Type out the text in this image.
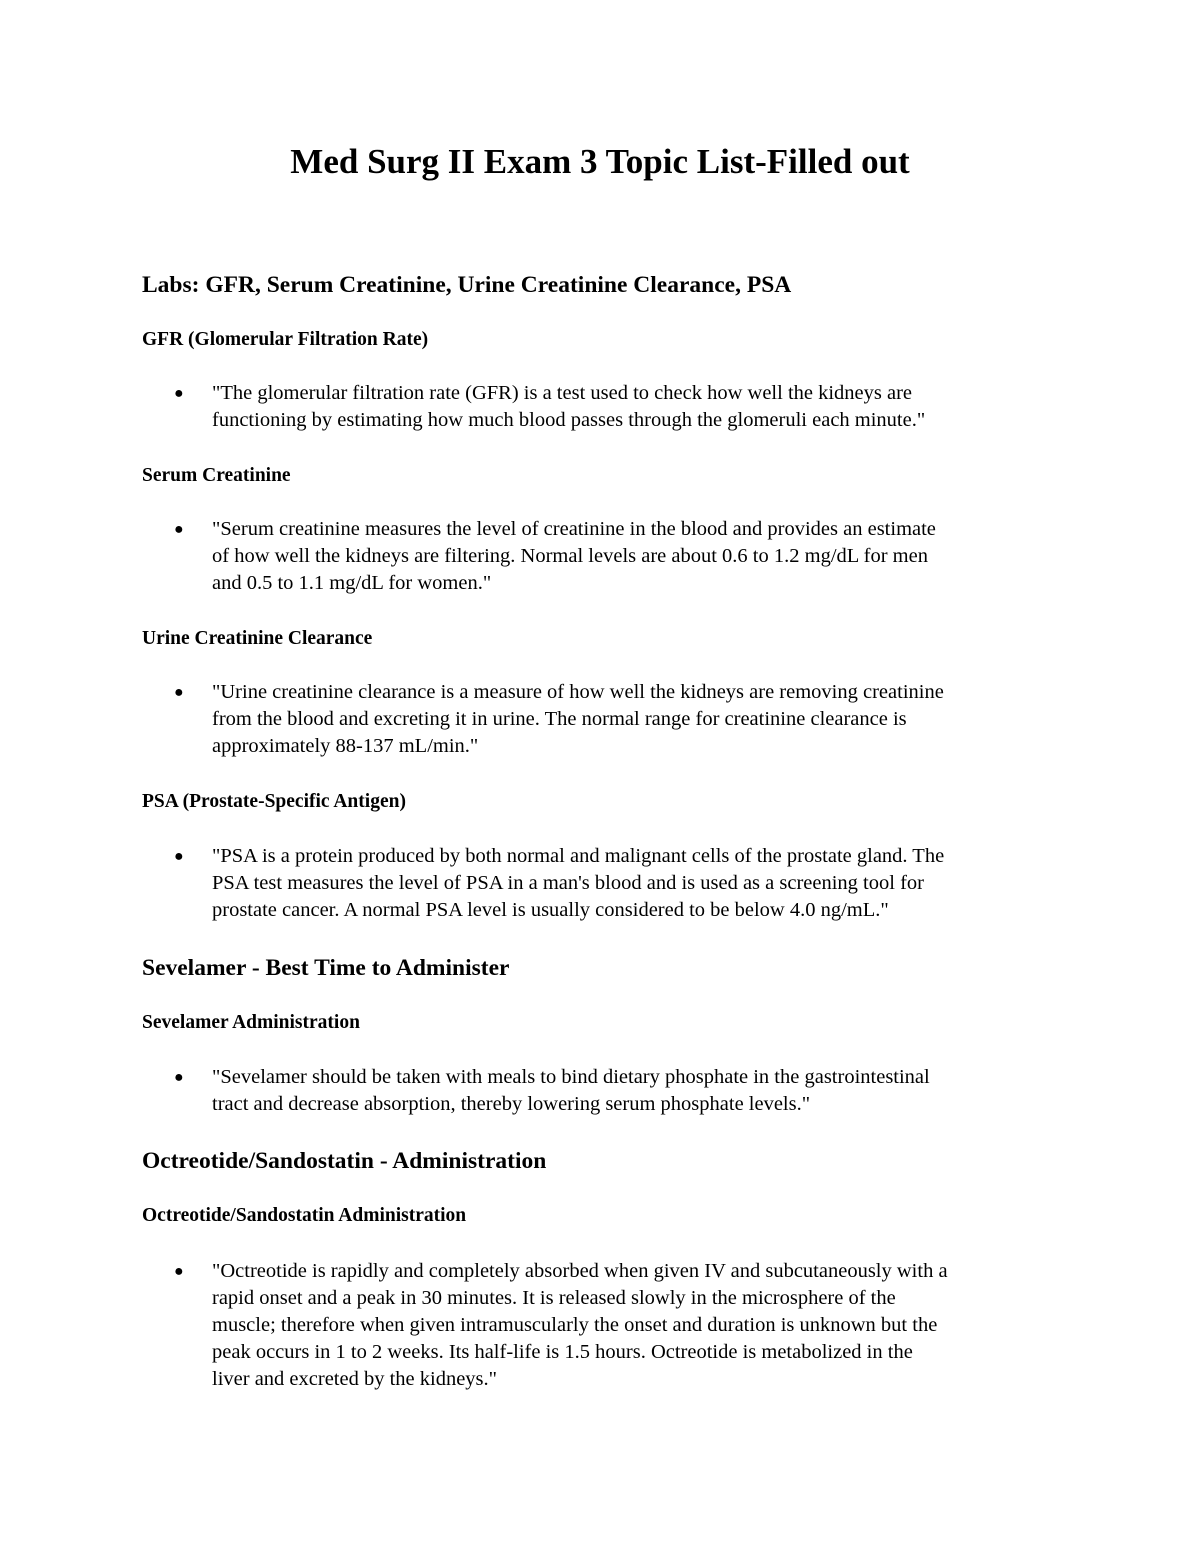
Med Surg II Exam 3 Topic List-Filled out
Labs: GFR, Serum Creatinine, Urine Creatinine Clearance, PSA
GFR (Glomerular Filtration Rate)
● "The glomerular filtration rate (GFR) is a test used to check how well the kidneys are

functioning by estimating how much blood passes through the glomeruli each minute."

Serum Creatinine
● "Serum creatinine measures the level of creatinine in the blood and provides an estimate

of how well the kidneys are filtering. Normal levels are about 0.6 to 1.2 mg/dL for men

and 0.5 to 1.1 mg/dL for women."

Urine Creatinine Clearance
● "Urine creatinine clearance is a measure of how well the kidneys are removing creatinine

from the blood and excreting it in urine. The normal range for creatinine clearance is

approximately 88-137 mL/min."

PSA (Prostate-Specific Antigen)
● "PSA is a protein produced by both normal and malignant cells of the prostate gland. The

PSA test measures the level of PSA in a man's blood and is used as a screening tool for

prostate cancer. A normal PSA level is usually considered to be below 4.0 ng/mL."

Sevelamer - Best Time to Administer
Sevelamer Administration
● "Sevelamer should be taken with meals to bind dietary phosphate in the gastrointestinal

tract and decrease absorption, thereby lowering serum phosphate levels."

Octreotide/Sandostatin - Administration
Octreotide/Sandostatin Administration
● "Octreotide is rapidly and completely absorbed when given IV and subcutaneously with a

rapid onset and a peak in 30 minutes. It is released slowly in the microsphere of the

muscle; therefore when given intramuscularly the onset and duration is unknown but the

peak occurs in 1 to 2 weeks. Its half-life is 1.5 hours. Octreotide is metabolized in the

liver and excreted by the kidneys."
